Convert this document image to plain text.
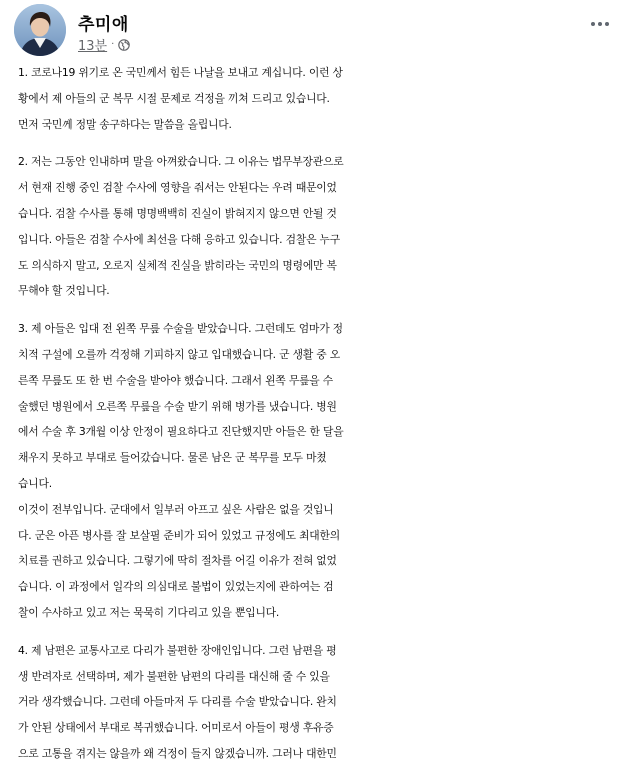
추미애
13분 ·

1. 코로나19 위기로 온 국민께서 힘든 나날을 보내고 계십니다. 이런 상
황에서 제 아들의 군 복무 시절 문제로 걱정을 끼쳐 드리고 있습니다.
먼저 국민께 정말 송구하다는 말씀을 올립니다.

2. 저는 그동안 인내하며 말을 아껴왔습니다. 그 이유는 법무부장관으로
서 현재 진행 중인 검찰 수사에 영향을 줘서는 안된다는 우려 때문이었
습니다. 검찰 수사를 통해 명명백백히 진실이 밝혀지지 않으면 안될 것
입니다. 아들은 검찰 수사에 최선을 다해 응하고 있습니다. 검찰은 누구
도 의식하지 말고, 오로지 실체적 진실을 밝히라는 국민의 명령에만 복
무해야 할 것입니다.

3. 제 아들은 입대 전 왼쪽 무릎 수술을 받았습니다. 그런데도 엄마가 정
치적 구설에 오를까 걱정해 기피하지 않고 입대했습니다. 군 생활 중 오
른쪽 무릎도 또 한 번 수술을 받아야 했습니다. 그래서 왼쪽 무릎을 수
술했던 병원에서 오른쪽 무릎을 수술 받기 위해 병가를 냈습니다. 병원
에서 수술 후 3개월 이상 안정이 필요하다고 진단했지만 아들은 한 달을
채우지 못하고 부대로 들어갔습니다. 물론 남은 군 복무를 모두 마쳤
습니다.
이것이 전부입니다. 군대에서 일부러 아프고 싶은 사람은 없을 것입니
다. 군은 아픈 병사를 잘 보살필 준비가 되어 있었고 규정에도 최대한의
치료를 권하고 있습니다. 그렇기에 딱히 절차를 어길 이유가 전혀 없었
습니다. 이 과정에서 일각의 의심대로 불법이 있었는지에 관하여는 검
찰이 수사하고 있고 저는 묵묵히 기다리고 있을 뿐입니다.

4. 제 남편은 교통사고로 다리가 불편한 장애인입니다. 그런 남편을 평
생 반려자로 선택하며, 제가 불편한 남편의 다리를 대신해 줄 수 있을
거라 생각했습니다. 그런데 아들마저 두 다리를 수술 받았습니다. 완치
가 안된 상태에서 부대로 복귀했습니다. 어미로서 아들이 평생 후유증
으로 고통을 겪지는 않을까 왜 걱정이 들지 않겠습니까. 그러나 대한민
